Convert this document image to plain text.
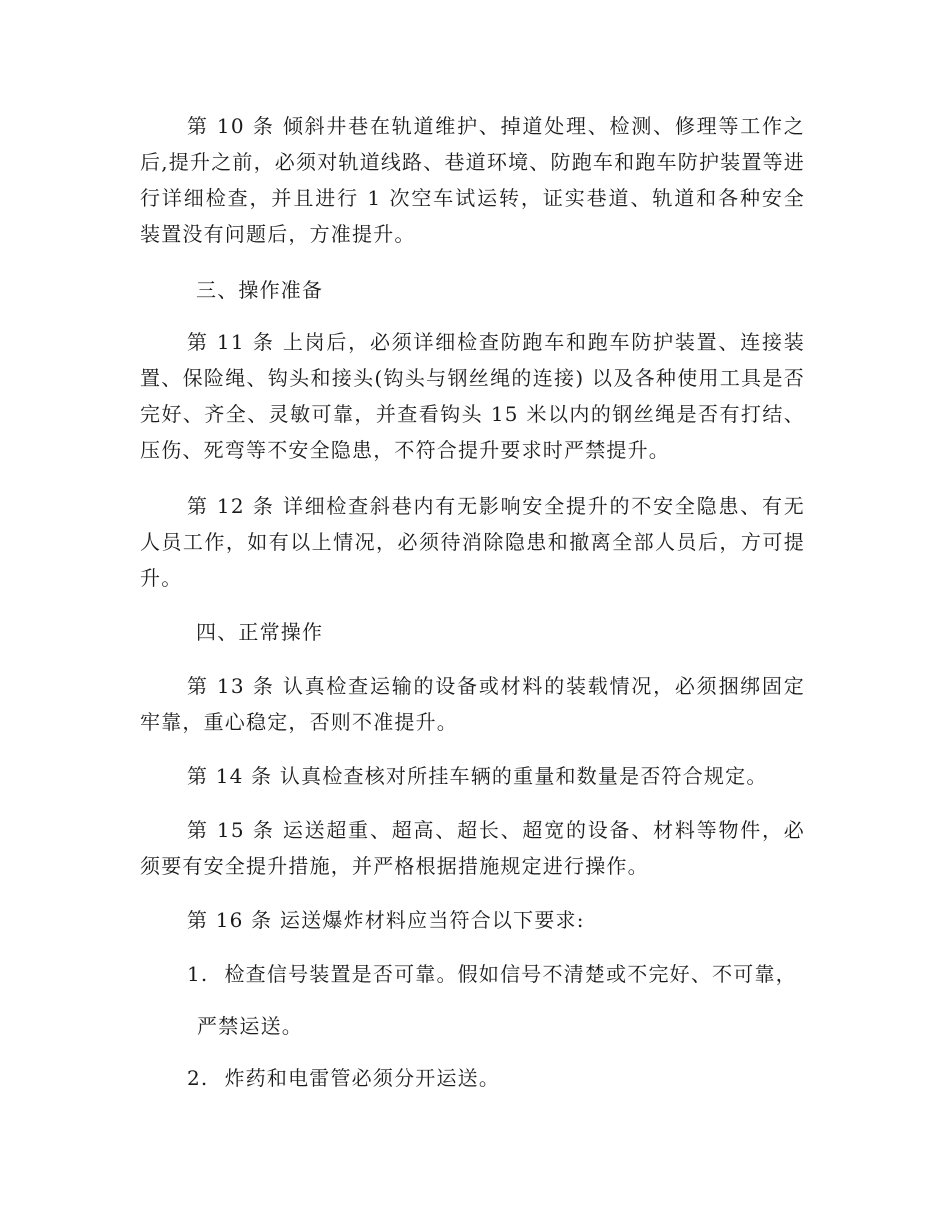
第 10 条 倾斜井巷在轨道维护、掉道处理、检测、修理等工作之后,提升之前，必须对轨道线路、巷道环境、防跑车和跑车防护装置等进行详细检查，并且进行 1 次空车试运转，证实巷道、轨道和各种安全装置没有问题后，方准提升。

三、操作准备

第 11 条 上岗后，必须详细检查防跑车和跑车防护装置、连接装置、保险绳、钩头和接头(钩头与钢丝绳的连接) 以及各种使用工具是否完好、齐全、灵敏可靠，并查看钩头 15 米以内的钢丝绳是否有打结、压伤、死弯等不安全隐患，不符合提升要求时严禁提升。

第 12 条 详细检查斜巷内有无影响安全提升的不安全隐患、有无人员工作，如有以上情况，必须待消除隐患和撤离全部人员后，方可提升。

四、正常操作

第 13 条 认真检查运输的设备或材料的装载情况，必须捆绑固定牢靠，重心稳定，否则不准提升。

第 14 条 认真检查核对所挂车辆的重量和数量是否符合规定。

第 15 条 运送超重、超高、超长、超宽的设备、材料等物件，必须要有安全提升措施，并严格根据措施规定进行操作。

第 16 条 运送爆炸材料应当符合以下要求:

1. 检查信号装置是否可靠。假如信号不清楚或不完好、不可靠，

严禁运送。

2. 炸药和电雷管必须分开运送。
